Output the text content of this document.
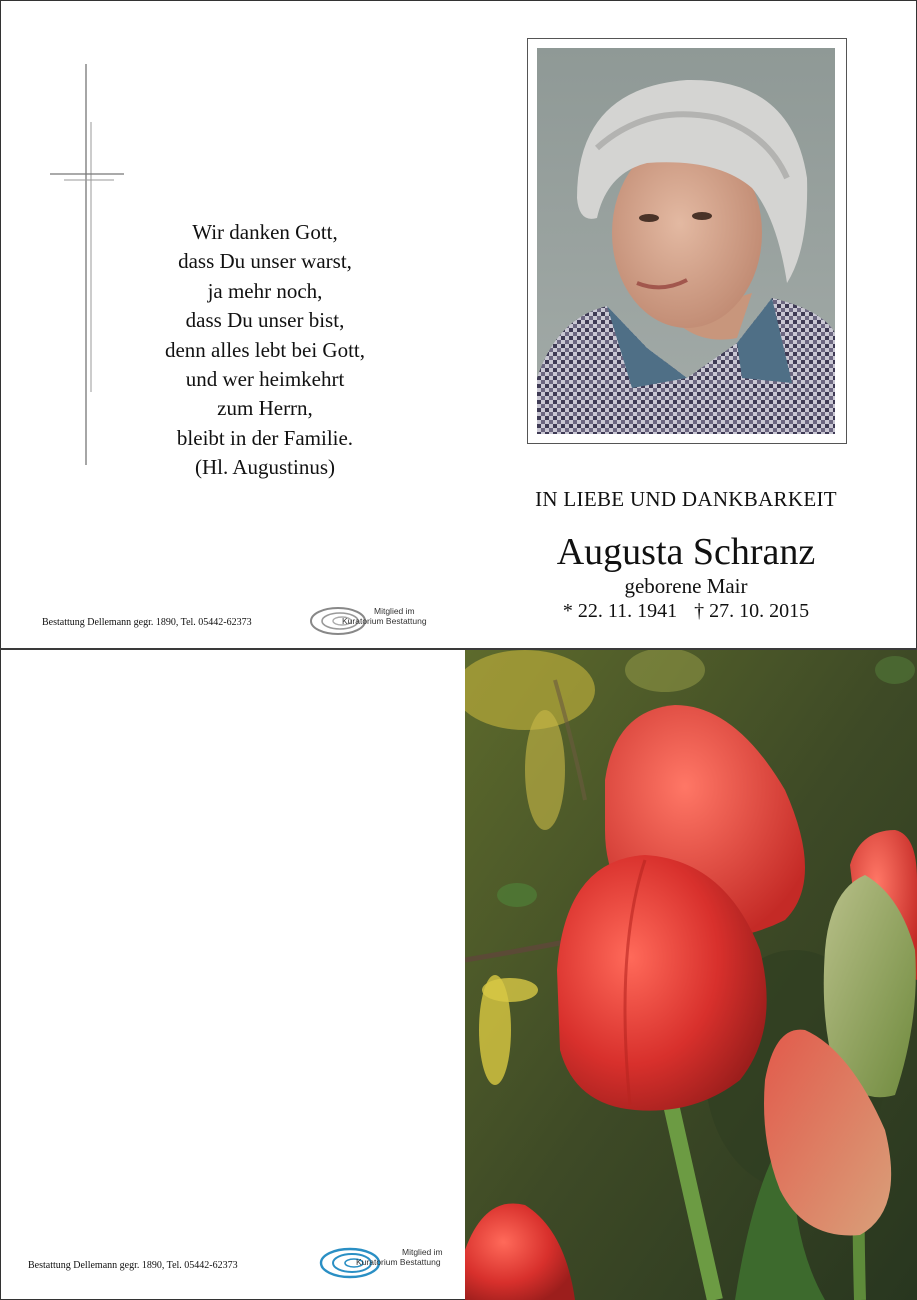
Wir danken Gott,
dass Du unser warst,
ja mehr noch,
dass Du unser bist,
denn alles lebt bei Gott,
und wer heimkehrt
zum Herrn,
bleibt in der Familie.
(Hl. Augustinus)
IN LIEBE UND DANKBARKEIT
Augusta Schranz
geborene Mair
* 22. 11. 1941 † 27. 10. 2015
Bestattung Dellemann gegr. 1890, Tel. 05442-62373
Mitglied im
Kuratorium Bestattung
Bestattung Dellemann gegr. 1890, Tel. 05442-62373
Mitglied im
Kuratorium Bestattung
